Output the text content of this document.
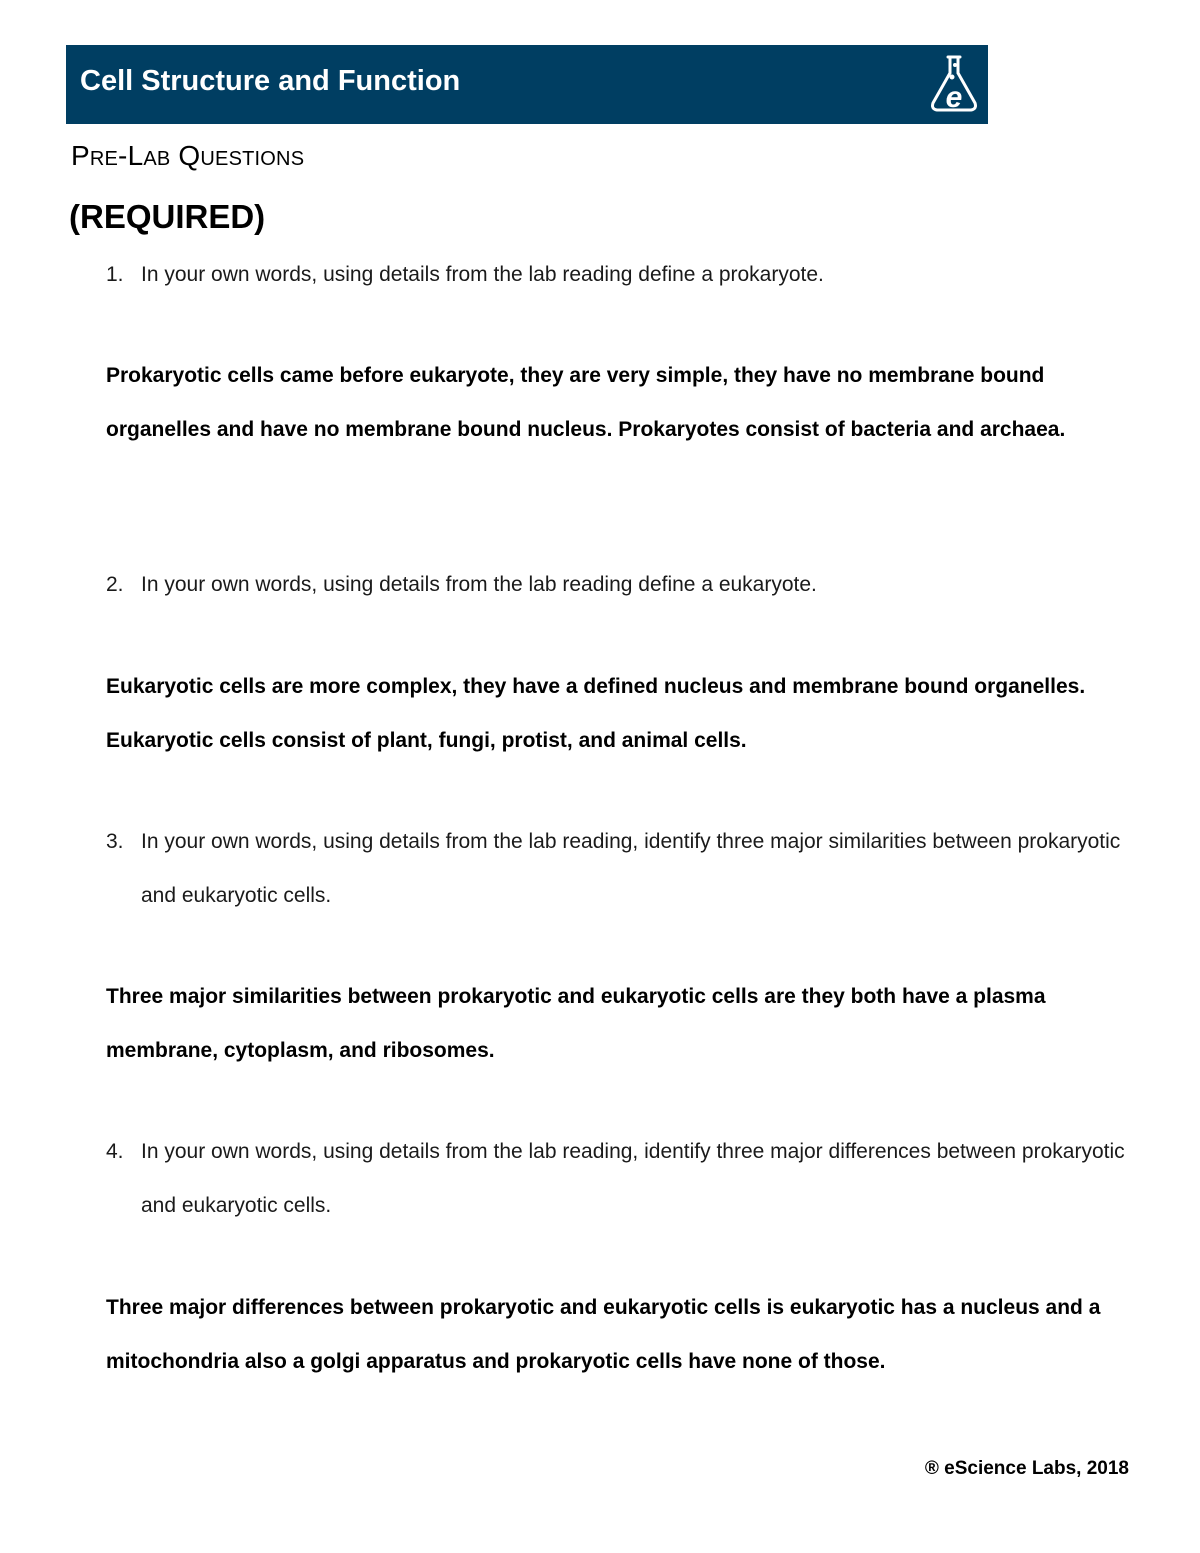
Cell Structure and Function	e
Pre-Lab Questions
(REQUIRED)
1. In your own words, using details from the lab reading define a prokaryote.
Prokaryotic cells came before eukaryote, they are very simple, they have no membrane bound organelles and have no membrane bound nucleus. Prokaryotes consist of bacteria and archaea.
2. In your own words, using details from the lab reading define a eukaryote.
Eukaryotic cells are more complex, they have a defined nucleus and membrane bound organelles. Eukaryotic cells consist of plant, fungi, protist, and animal cells.
3. In your own words, using details from the lab reading, identify three major similarities between prokaryotic and eukaryotic cells.
Three major similarities between prokaryotic and eukaryotic cells are they both have a plasma membrane, cytoplasm, and ribosomes.
4. In your own words, using details from the lab reading, identify three major differences between prokaryotic and eukaryotic cells.
Three major differences between prokaryotic and eukaryotic cells is eukaryotic has a nucleus and a mitochondria also a golgi apparatus and prokaryotic cells have none of those.
® eScience Labs, 2018
